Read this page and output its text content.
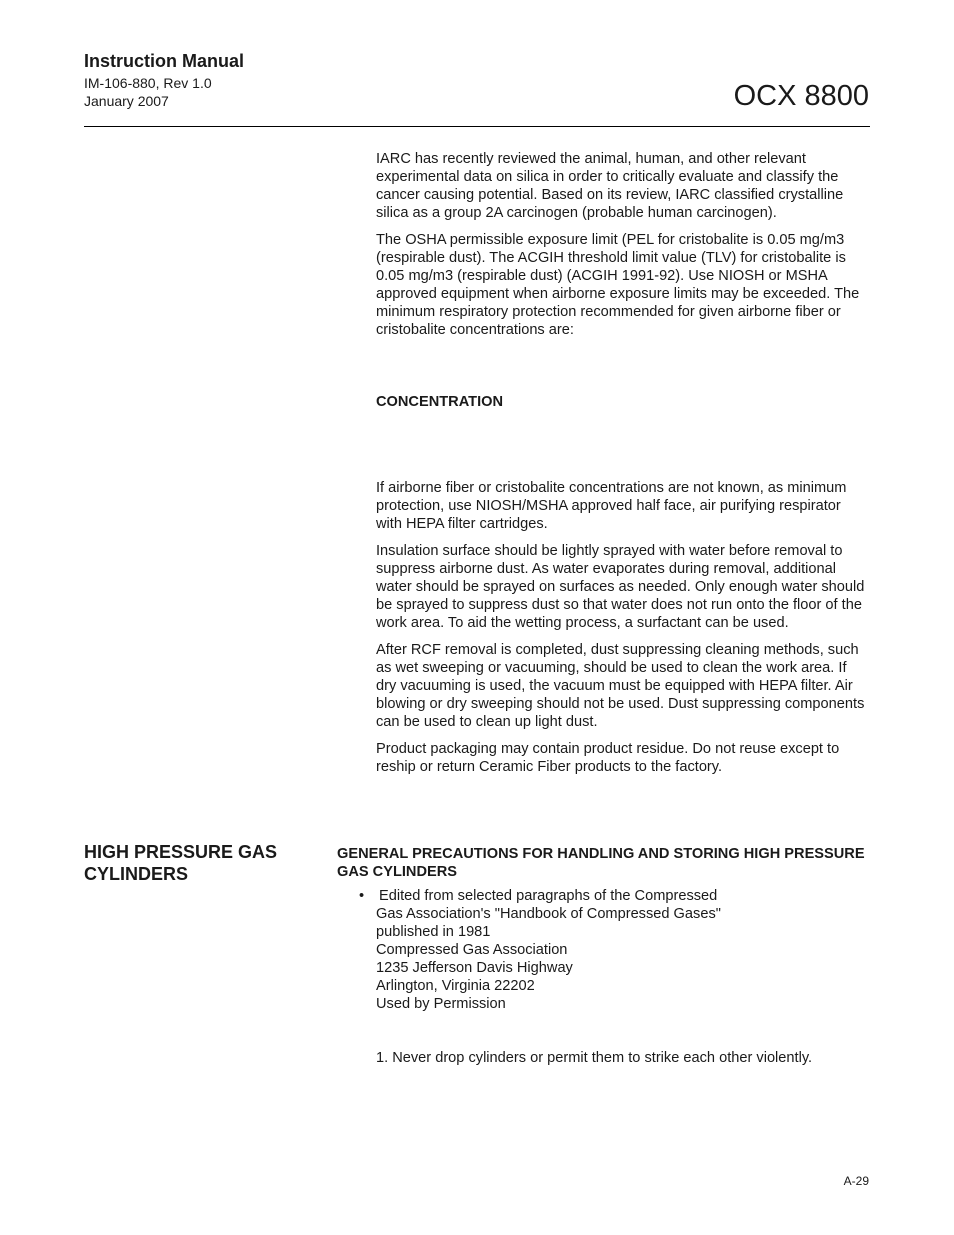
Instruction Manual
IM-106-880, Rev 1.0
January 2007	OCX 8800

IARC has recently reviewed the animal, human, and other relevant experimental data on silica in order to critically evaluate and classify the cancer causing potential. Based on its review, IARC classified crystalline silica as a group 2A carcinogen (probable human carcinogen).

The OSHA permissible exposure limit (PEL for cristobalite is 0.05 mg/m3 (respirable dust). The ACGIH threshold limit value (TLV) for cristobalite is 0.05 mg/m3 (respirable dust) (ACGIH 1991-92). Use NIOSH or MSHA approved equipment when airborne exposure limits may be exceeded. The minimum respiratory protection recommended for given airborne fiber or cristobalite concentrations are:

CONCENTRATION

If airborne fiber or cristobalite concentrations are not known, as minimum protection, use NIOSH/MSHA approved half face, air purifying respirator with HEPA filter cartridges.

Insulation surface should be lightly sprayed with water before removal to suppress airborne dust. As water evaporates during removal, additional water should be sprayed on surfaces as needed. Only enough water should be sprayed to suppress dust so that water does not run onto the floor of the work area. To aid the wetting process, a surfactant can be used.

After RCF removal is completed, dust suppressing cleaning methods, such as wet sweeping or vacuuming, should be used to clean the work area. If dry vacuuming is used, the vacuum must be equipped with HEPA filter. Air blowing or dry sweeping should not be used. Dust suppressing components can be used to clean up light dust.

Product packaging may contain product residue. Do not reuse except to reship or return Ceramic Fiber products to the factory.

HIGH PRESSURE GAS CYLINDERS
GENERAL PRECAUTIONS FOR HANDLING AND STORING HIGH PRESSURE GAS CYLINDERS
• Edited from selected paragraphs of the Compressed
Gas Association's "Handbook of Compressed Gases"
published in 1981
Compressed Gas Association
1235 Jefferson Davis Highway
Arlington, Virginia 22202
Used by Permission
1. Never drop cylinders or permit them to strike each other violently.
A-29
